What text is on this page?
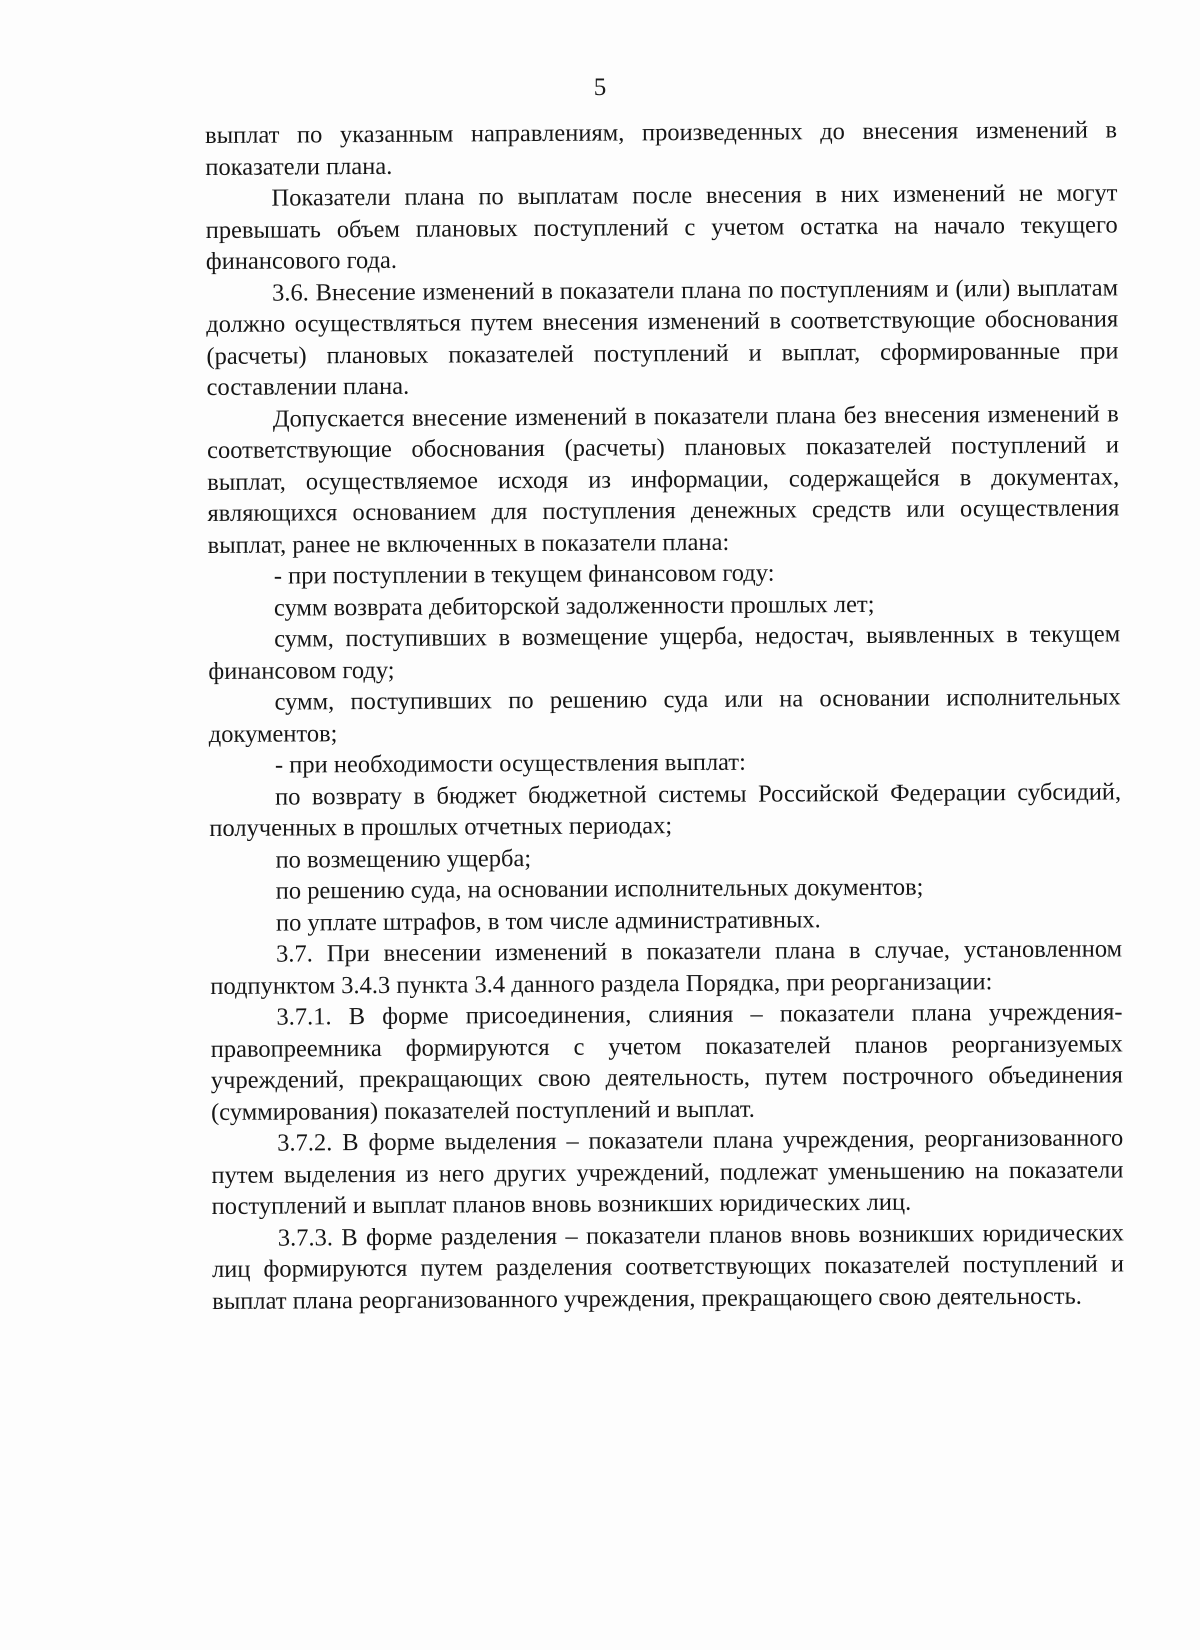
5

выплат по указанным направлениям, произведенных до внесения изменений в показатели плана.

Показатели плана по выплатам после внесения в них изменений не могут превышать объем плановых поступлений с учетом остатка на начало текущего финансового года.

3.6. Внесение изменений в показатели плана по поступлениям и (или) выплатам должно осуществляться путем внесения изменений в соответствующие обоснования (расчеты) плановых показателей поступлений и выплат, сформированные при составлении плана.

Допускается внесение изменений в показатели плана без внесения изменений в соответствующие обоснования (расчеты) плановых показателей поступлений и выплат, осуществляемое исходя из информации, содержащейся в документах, являющихся основанием для поступления денежных средств или осуществления выплат, ранее не включенных в показатели плана:

- при поступлении в текущем финансовом году:

сумм возврата дебиторской задолженности прошлых лет;

сумм, поступивших в возмещение ущерба, недостач, выявленных в текущем финансовом году;

сумм, поступивших по решению суда или на основании исполнительных документов;

- при необходимости осуществления выплат:

по возврату в бюджет бюджетной системы Российской Федерации субсидий, полученных в прошлых отчетных периодах;

по возмещению ущерба;

по решению суда, на основании исполнительных документов;

по уплате штрафов, в том числе административных.

3.7. При внесении изменений в показатели плана в случае, установленном подпунктом 3.4.3 пункта 3.4 данного раздела Порядка, при реорганизации:

3.7.1. В форме присоединения, слияния – показатели плана учреждения-правопреемника формируются с учетом показателей планов реорганизуемых учреждений, прекращающих свою деятельность, путем построчного объединения (суммирования) показателей поступлений и выплат.

3.7.2. В форме выделения – показатели плана учреждения, реорганизованного путем выделения из него других учреждений, подлежат уменьшению на показатели поступлений и выплат планов вновь возникших юридических лиц.

3.7.3. В форме разделения – показатели планов вновь возникших юридических лиц формируются путем разделения соответствующих показателей поступлений и выплат плана реорганизованного учреждения, прекращающего свою деятельность.
